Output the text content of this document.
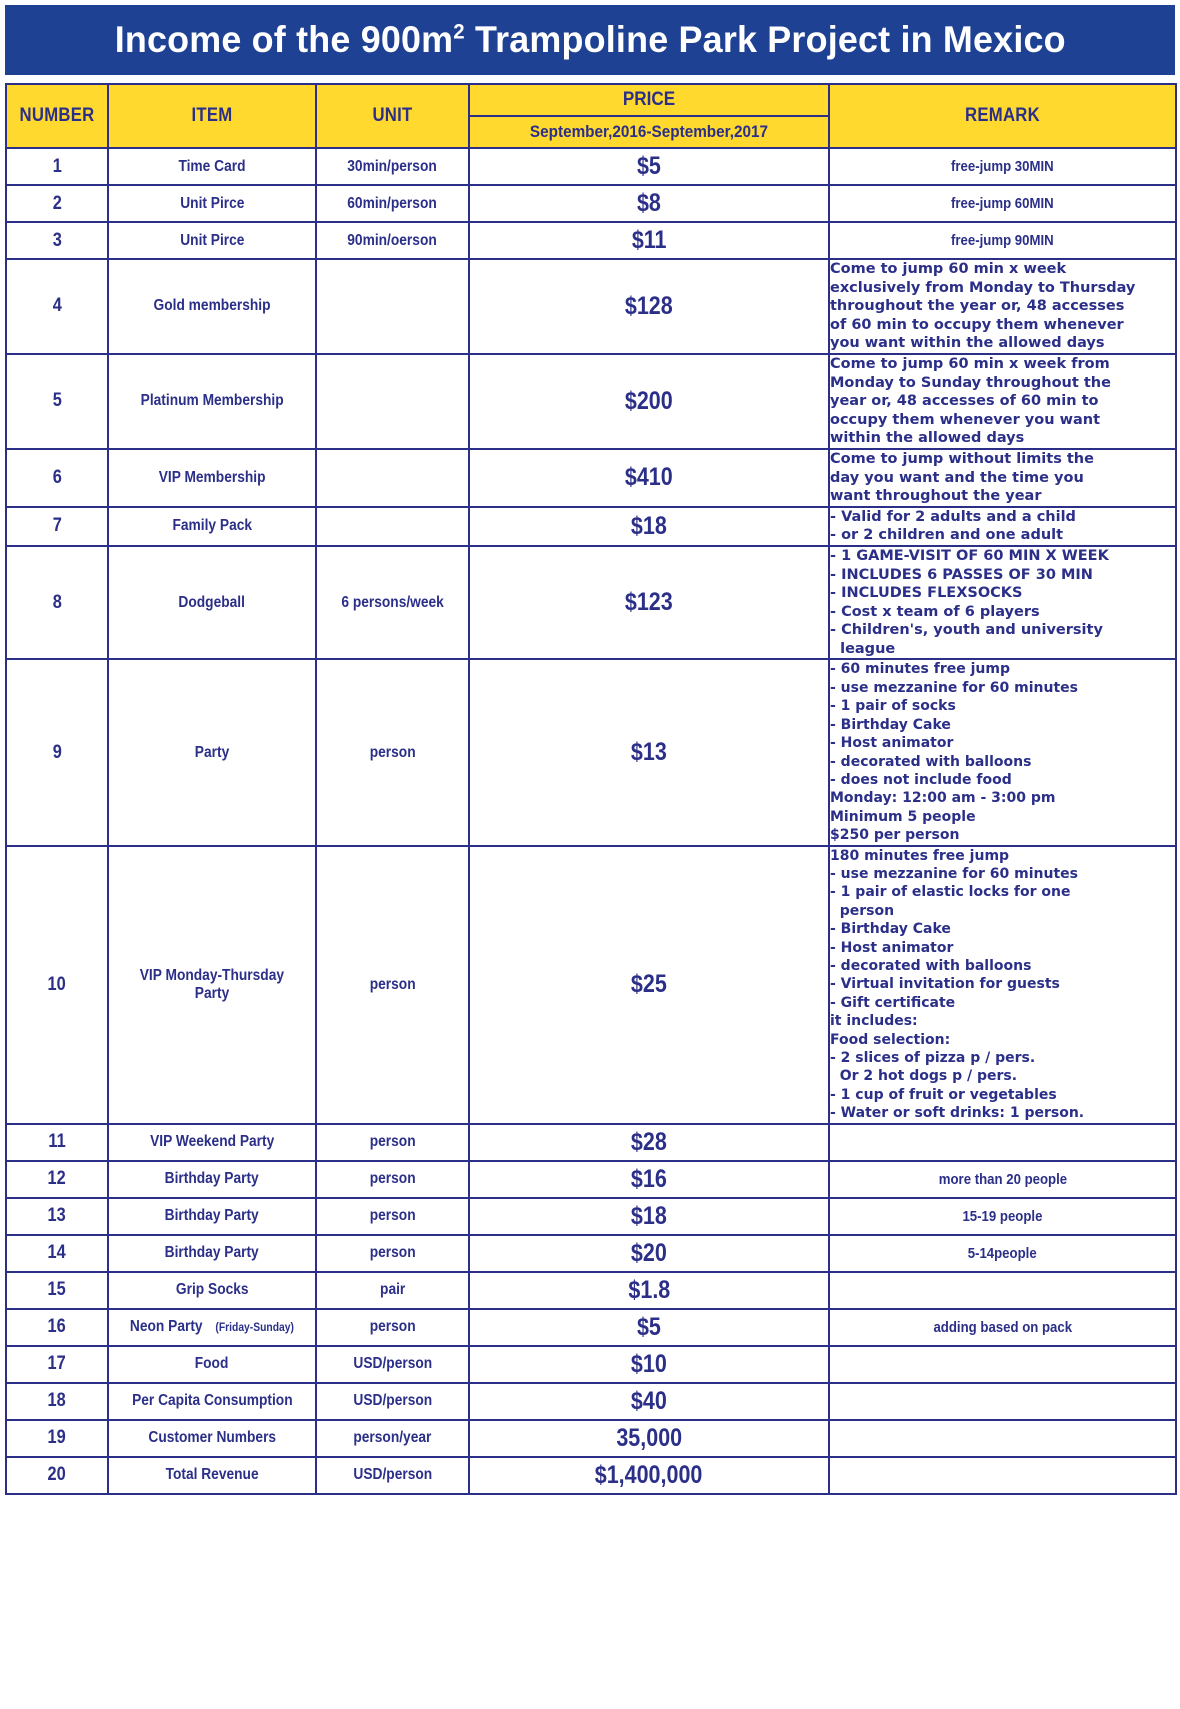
Income of the $900m^2$ Trampoline Park Project in Mexico
NUMBER	ITEM	UNIT	PRICE
September,2016-September,2017	REMARK

1	Time Card	30min/person	$5	free-jump 30MIN
2	Unit Pirce	60min/person	$8	free-jump 60MIN
3	Unit Pirce	90min/oerson	$11	free-jump 90MIN
4	Gold membership		$128	Come to jump 60 min x week
exclusively from Monday to Thursday
throughout the year or, 48 accesses
of 60 min to occupy them whenever
you want within the allowed days

5	Platinum Membership		$200	Come to jump 60 min x week from
Monday to Sunday throughout the
year or, 48 accesses of 60 min to
occupy them whenever you want
within the allowed days

6	VIP Membership		$410	Come to jump without limits the
day you want and the time you
want throughout the year

7	Family Pack		$18	- Valid for 2 adults and a child
- or 2 children and one adult

8	Dodgeball	6 persons/week	$123	
- 1 GAME-VISIT OF 60 MIN X WEEK
- INCLUDES 6 PASSES OF 30 MIN
- INCLUDES FLEXSOCKS
- Cost x team of 6 players
- Children's, youth and university
league

9	Party	person	$13	
- 60 minutes free jump
- use mezzanine for 60 minutes
- 1 pair of socks
- Birthday Cake
- Host animator
- decorated with balloons
- does not include food
Monday: 12:00 am - 3:00 pm
Minimum 5 people
$250 per person

10	VIP Monday-Thursday
Party	person	$25	
180 minutes free jump
- use mezzanine for 60 minutes
- 1 pair of elastic locks for one
person
- Birthday Cake
- Host animator
- decorated with balloons
- Virtual invitation for guests
- Gift certificate
it includes:
Food selection:
- 2 slices of pizza p / pers.
Or 2 hot dogs p / pers.
- 1 cup of fruit or vegetables
- Water or soft drinks: 1 person.

11	VIP Weekend Party	person	$28	
12	Birthday Party	person	$16	more than 20 people
13	Birthday Party	person	$18	15-19 people
14	Birthday Party	person	$20	5-14people
15	Grip Socks	pair	$1.8	
16	Neon Party(Friday-Sunday)	person	$5	adding based on pack
17	Food	USD/person	$10	
18	Per Capita Consumption	USD/person	$40	
19	Customer Numbers	person/year	35,000	
20	Total Revenue	USD/person	$1,400,000	
